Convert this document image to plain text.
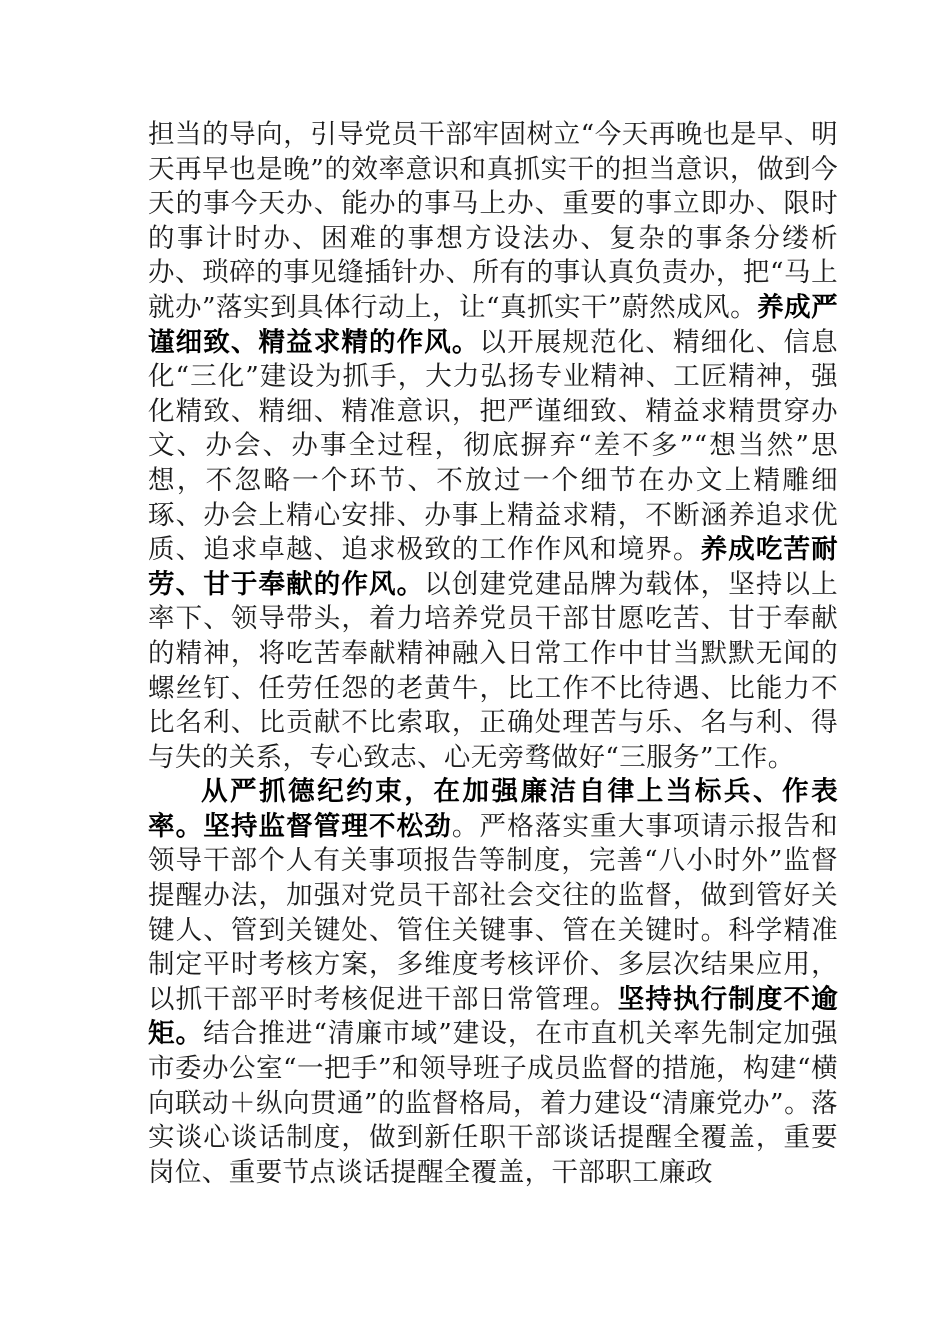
担当的导向，引导党员干部牢固树立“今天再晚也是早、明天再早也是晚”的效率意识和真抓实干的担当意识，做到今天的事今天办、能办的事马上办、重要的事立即办、限时的事计时办、困难的事想方设法办、复杂的事条分缕析办、琐碎的事见缝插针办、所有的事认真负责办，把“马上就办”落实到具体行动上，让“真抓实干”蔚然成风。养成严谨细致、精益求精的作风。以开展规范化、精细化、信息化“三化”建设为抓手，大力弘扬专业精神、工匠精神，强化精致、精细、精准意识，把严谨细致、精益求精贯穿办文、办会、办事全过程，彻底摒弃“差不多”“想当然”思想，不忽略一个环节、不放过一个细节在办文上精雕细琢、办会上精心安排、办事上精益求精，不断涵养追求优质、追求卓越、追求极致的工作作风和境界。养成吃苦耐劳、甘于奉献的作风。以创建党建品牌为载体，坚持以上率下、领导带头，着力培养党员干部甘愿吃苦、甘于奉献的精神，将吃苦奉献精神融入日常工作中甘当默默无闻的螺丝钉、任劳任怨的老黄牛，比工作不比待遇、比能力不比名利、比贡献不比索取，正确处理苦与乐、名与利、得与失的关系，专心致志、心无旁骛做好“三服务”工作。

从严抓德纪约束，在加强廉洁自律上当标兵、作表率。坚持监督管理不松劲。严格落实重大事项请示报告和领导干部个人有关事项报告等制度，完善“八小时外”监督提醒办法，加强对党员干部社会交往的监督，做到管好关键人、管到关键处、管住关键事、管在关键时。科学精准制定平时考核方案，多维度考核评价、多层次结果应用，以抓干部平时考核促进干部日常管理。坚持执行制度不逾矩。结合推进“清廉市域”建设，在市直机关率先制定加强市委办公室“一把手”和领导班子成员监督的措施，构建“横向联动＋纵向贯通”的监督格局，着力建设“清廉党办”。落实谈心谈话制度，做到新任职干部谈话提醒全覆盖，重要岗位、重要节点谈话提醒全覆盖，干部职工廉政
